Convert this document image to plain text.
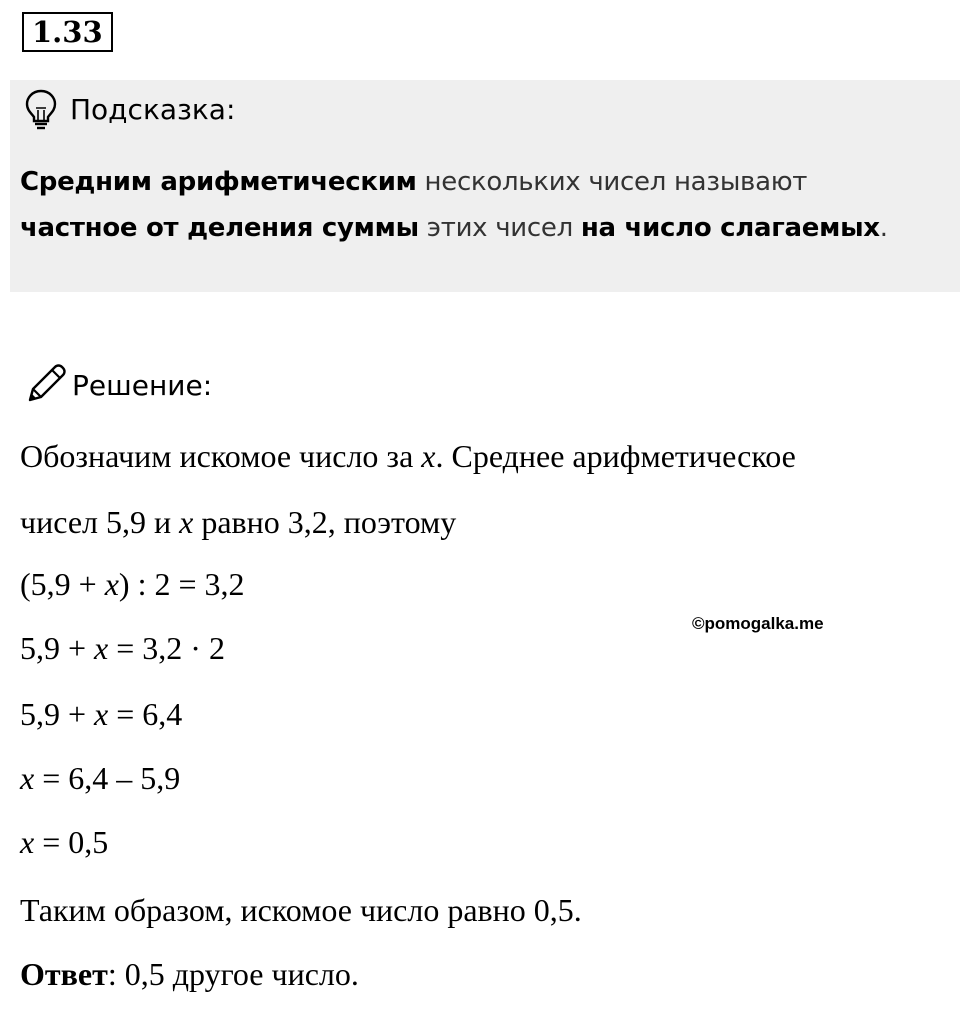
1.33
Подсказка:
Средним арифметическим нескольких чисел называют
частное от деления суммы этих чисел на число слагаемых.
Решение:
Обозначим искомое число за x. Среднее арифметическое
чисел 5,9 и x равно 3,2, поэтому
(5,9 + x) : 2 = 3,2
5,9 + x = 3,2 · 2
5,9 + x = 6,4
x = 6,4 – 5,9
x = 0,5
Таким образом, искомое число равно 0,5.
Ответ: 0,5 другое число.
©pomogalka.me
